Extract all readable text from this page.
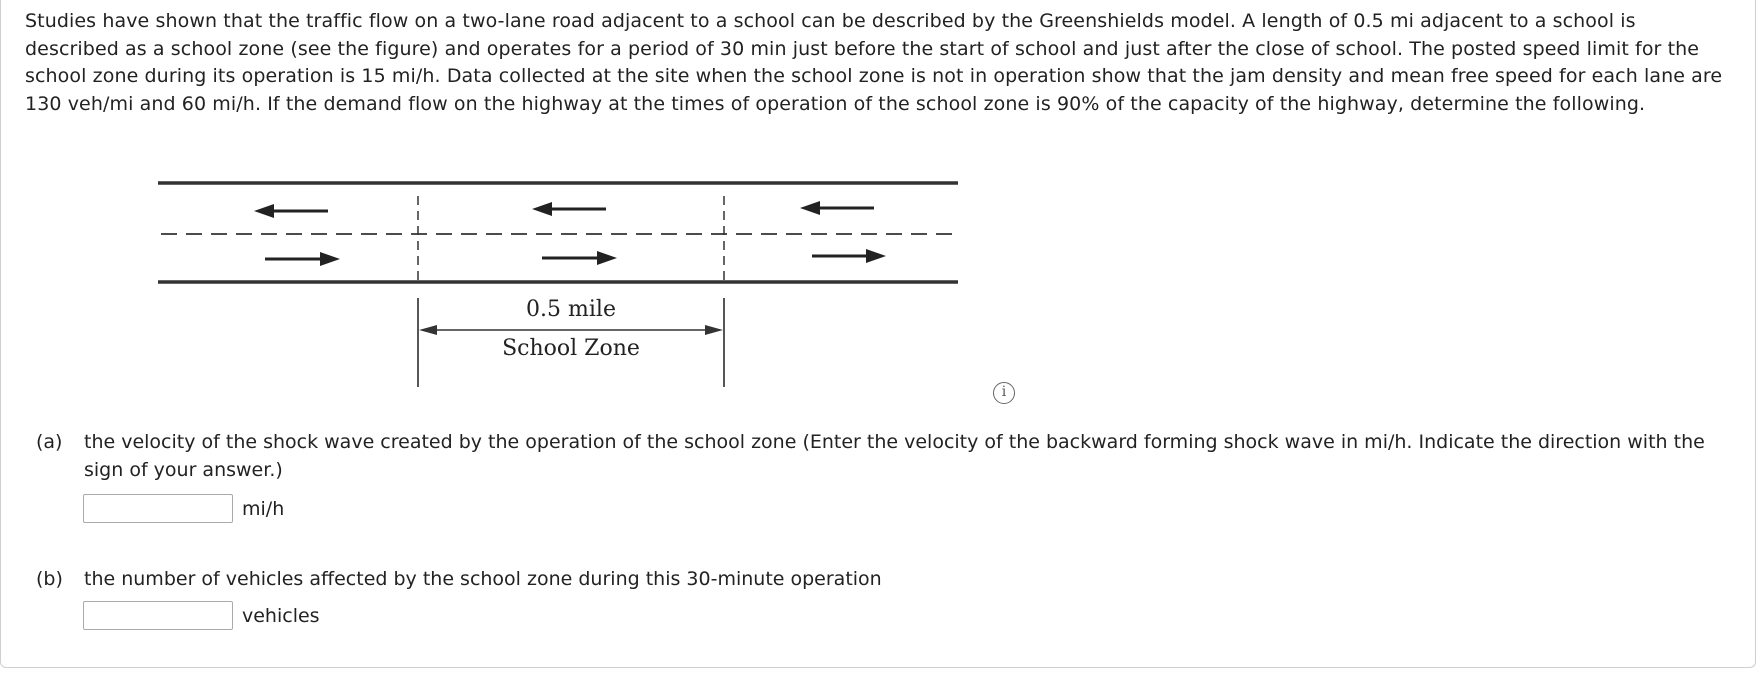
Studies have shown that the traffic flow on a two-lane road adjacent to a school can be described by the Greenshields model. A length of 0.5 mi adjacent to a school is described as a school zone (see the figure) and operates for a period of 30 min just before the start of school and just after the close of school. The posted speed limit for the school zone during its operation is 15 mi/h. Data collected at the site when the school zone is not in operation show that the jam density and mean free speed for each lane are 130 veh/mi and 60 mi/h. If the demand flow on the highway at the times of operation of the school zone is 90% of the capacity of the highway, determine the following.

0.5 mile
School Zone
i
(a) the velocity of the shock wave created by the operation of the school zone (Enter the velocity of the backward forming shock wave in mi/h. Indicate the direction with the sign of your answer.)
mi/h
(b) the number of vehicles affected by the school zone during this 30-minute operation
vehicles
